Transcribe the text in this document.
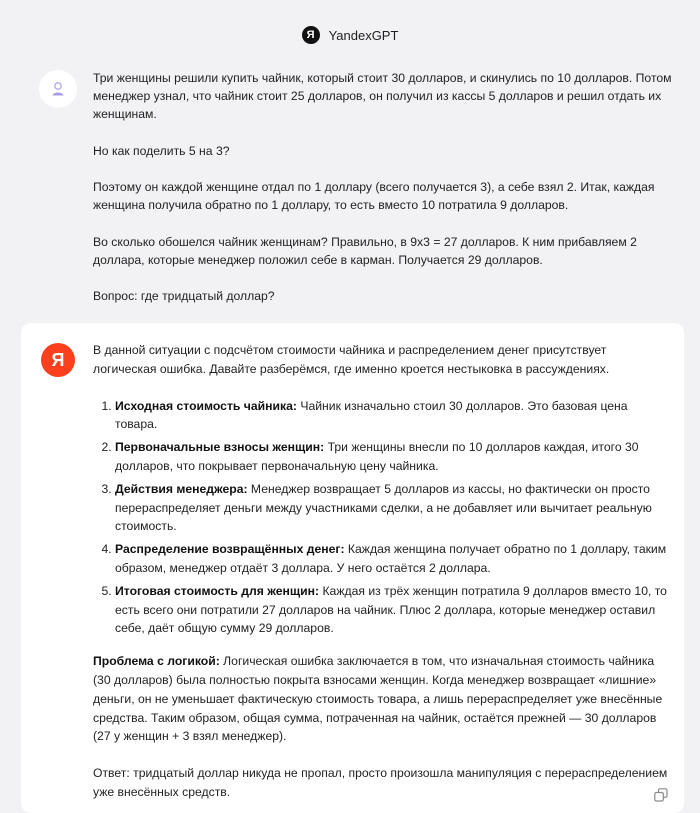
Я	YandexGPT

Три женщины решили купить чайник, который стоит 30 долларов, и скинулись по 10 долларов. Потом менеджер узнал, что чайник стоит 25 долларов, он получил из кассы 5 долларов и решил отдать их женщинам.

Но как поделить 5 на 3?

Поэтому он каждой женщине отдал по 1 доллару (всего получается 3), а себе взял 2. Итак, каждая женщина получила обратно по 1 доллару, то есть вместо 10 потратила 9 долларов.

Во сколько обошелся чайник женщинам? Правильно, в 9x3 = 27 долларов. К ним прибавляем 2 доллара, которые менеджер положил себе в карман. Получается 29 долларов.

Вопрос: где тридцатый доллар?

Я	В данной ситуации с подсчётом стоимости чайника и распределением денег присутствует логическая ошибка. Давайте разберёмся, где именно кроется нестыковка в рассуждениях.

1. Исходная стоимость чайника: Чайник изначально стоил 30 долларов. Это базовая цена товара.
2. Первоначальные взносы женщин: Три женщины внесли по 10 долларов каждая, итого 30 долларов, что покрывает первоначальную цену чайника.
3. Действия менеджера: Менеджер возвращает 5 долларов из кассы, но фактически он просто перераспределяет деньги между участниками сделки, а не добавляет или вычитает реальную стоимость.
4. Распределение возвращённых денег: Каждая женщина получает обратно по 1 доллару, таким образом, менеджер отдаёт 3 доллара. У него остаётся 2 доллара.
5. Итоговая стоимость для женщин: Каждая из трёх женщин потратила 9 долларов вместо 10, то есть всего они потратили 27 долларов на чайник. Плюс 2 доллара, которые менеджер оставил себе, даёт общую сумму 29 долларов.

Проблема с логикой: Логическая ошибка заключается в том, что изначальная стоимость чайника (30 долларов) была полностью покрыта взносами женщин. Когда менеджер возвращает «лишние» деньги, он не уменьшает фактическую стоимость товара, а лишь перераспределяет уже внесённые средства. Таким образом, общая сумма, потраченная на чайник, остаётся прежней — 30 долларов (27 у женщин + 3 взял менеджер).

Ответ: тридцатый доллар никуда не пропал, просто произошла манипуляция с перераспределением уже внесённых средств.
